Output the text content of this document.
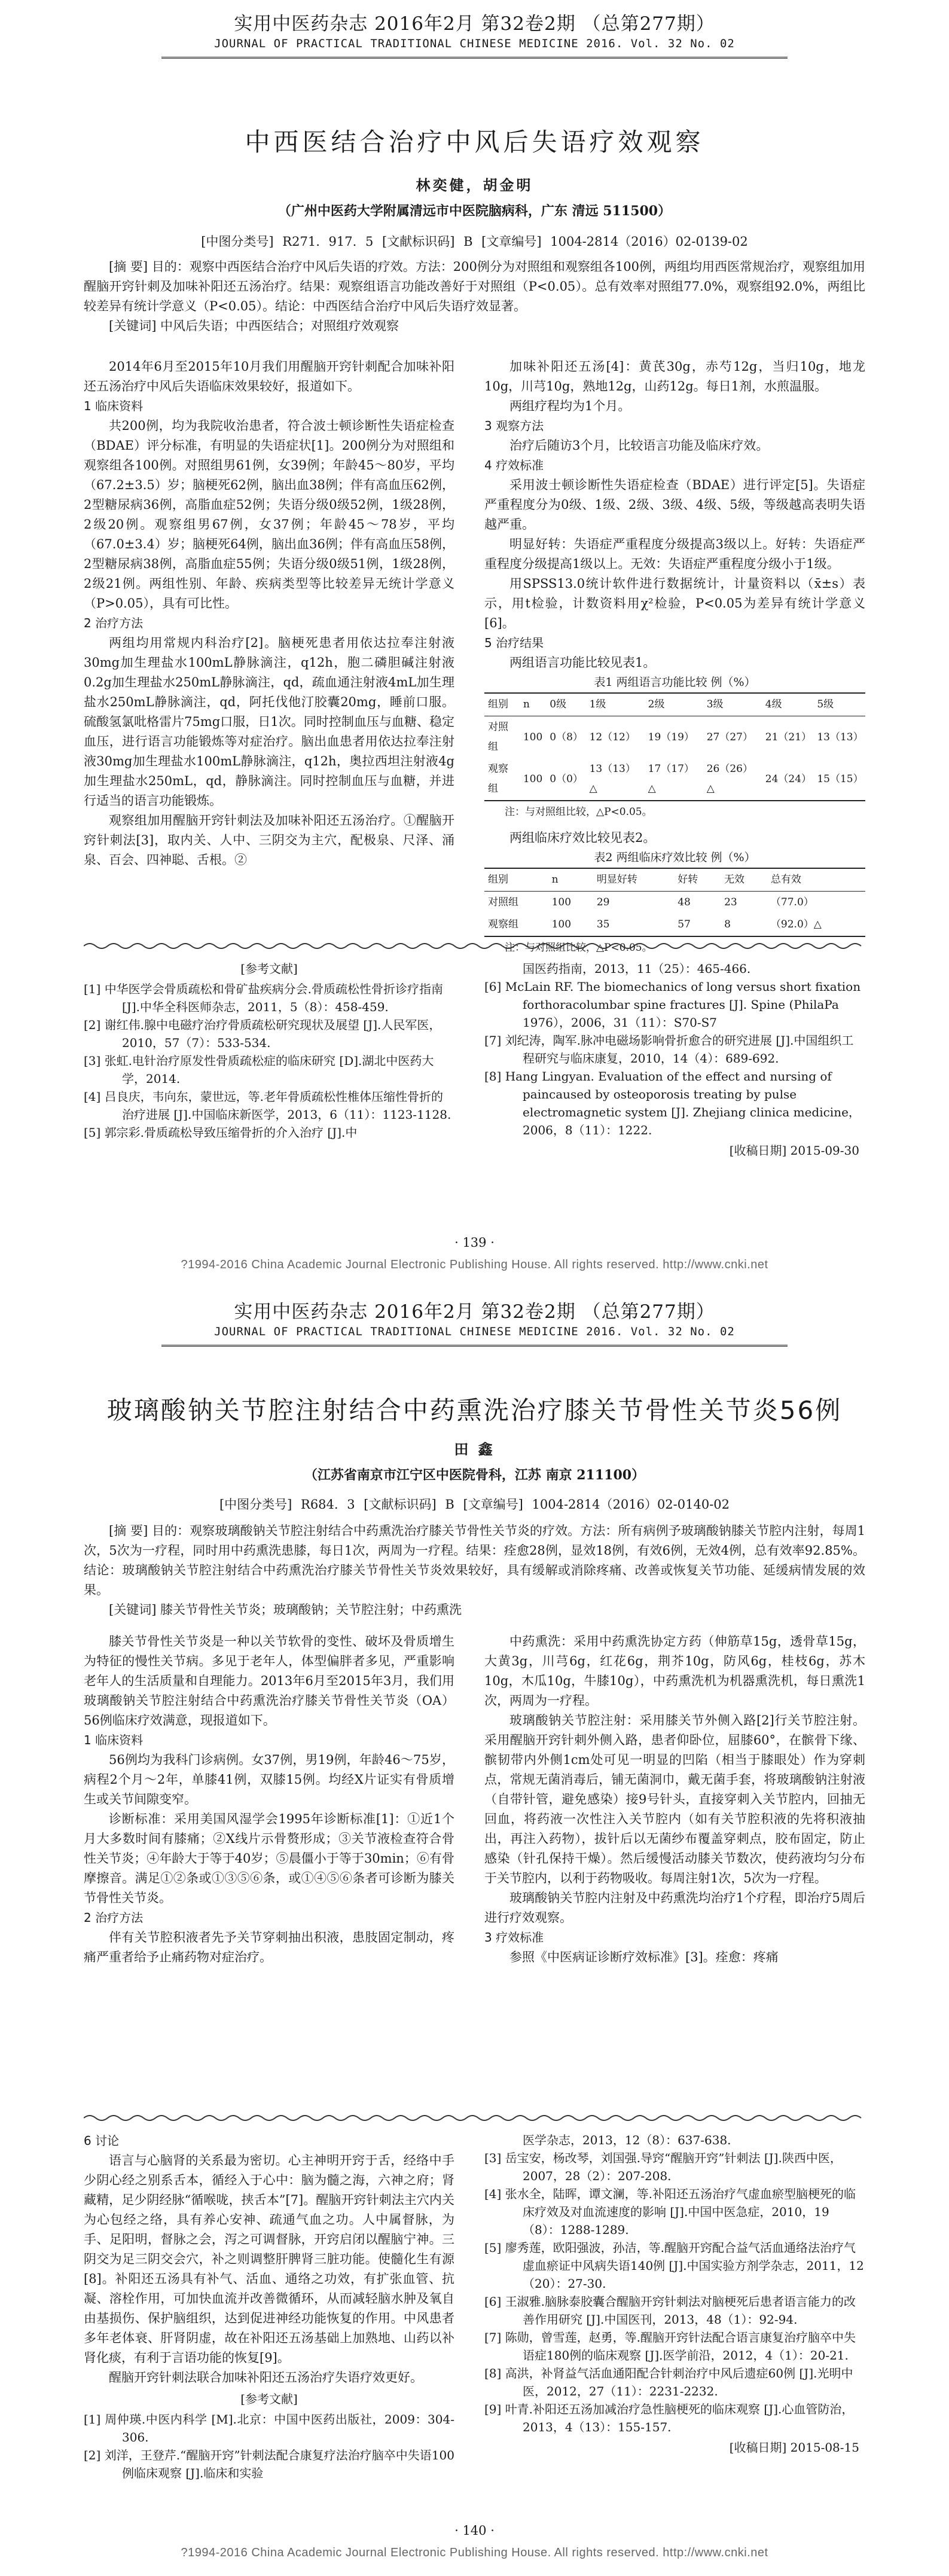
实用中医药杂志 2016年2月 第32卷2期 （总第277期）
JOURNAL OF PRACTICAL TRADITIONAL CHINESE MEDICINE 2016. Vol. 32 No. 02
中西医结合治疗中风后失语疗效观察
林奕健，胡金明
（广州中医药大学附属清远市中医院脑病科，广东 清远 511500）
[中图分类号] R271. 917. 5 [文献标识码] B [文章编号] 1004-2814（2016）02-0139-02
[摘 要] 目的：观察中西医结合治疗中风后失语的疗效。方法：200例分为对照组和观察组各100例，两组均用西医常规治疗，观察组加用醒脑开窍针刺及加味补阳还五汤治疗。结果：观察组语言功能改善好于对照组（P<0.05）。总有效率对照组77.0%，观察组92.0%，两组比较差异有统计学意义（P<0.05）。结论：中西医结合治疗中风后失语疗效显著。
[关键词] 中风后失语；中西医结合；对照组疗效观察

2014年6月至2015年10月我们用醒脑开窍针刺配合加味补阳还五汤治疗中风后失语临床效果较好，报道如下。

1 临床资料

共200例，均为我院收治患者，符合波士顿诊断性失语症检查（BDAE）评分标准，有明显的失语症状[1]。200例分为对照组和观察组各100例。对照组男61例，女39例；年龄45～80岁，平均（67.2±3.5）岁；脑梗死62例，脑出血38例；伴有高血压62例，2型糖尿病36例，高脂血症52例；失语分级0级52例，1级28例，2级20例。观察组男67例，女37例；年龄45～78岁，平均（67.0±3.4）岁；脑梗死64例，脑出血36例；伴有高血压58例，2型糖尿病38例，高脂血症55例；失语分级0级51例，1级28例，2级21例。两组性别、年龄、疾病类型等比较差异无统计学意义（P>0.05），具有可比性。

2 治疗方法

两组均用常规内科治疗[2]。脑梗死患者用依达拉奉注射液30mg加生理盐水100mL静脉滴注，q12h，胞二磷胆碱注射液0.2g加生理盐水250mL静脉滴注，qd，疏血通注射液4mL加生理盐水250mL静脉滴注，qd，阿托伐他汀胶囊20mg，睡前口服。硫酸氢氯吡格雷片75mg口服，日1次。同时控制血压与血糖、稳定血压，进行语言功能锻炼等对症治疗。脑出血患者用依达拉奉注射液30mg加生理盐水100mL静脉滴注，q12h，奥拉西坦注射液4g加生理盐水250mL，qd，静脉滴注。同时控制血压与血糖，并进行适当的语言功能锻炼。

观察组加用醒脑开窍针刺法及加味补阳还五汤治疗。①醒脑开窍针刺法[3]，取内关、人中、三阴交为主穴，配极泉、尺泽、涌泉、百会、四神聪、舌根。②

加味补阳还五汤[4]：黄芪30g，赤芍12g，当归10g，地龙10g，川芎10g，熟地12g，山药12g。每日1剂，水煎温服。

两组疗程均为1个月。

3 观察方法

治疗后随访3个月，比较语言功能及临床疗效。

4 疗效标准

采用波士顿诊断性失语症检查（BDAE）进行评定[5]。失语症严重程度分为0级、1级、2级、3级、4级、5级，等级越高表明失语越严重。

明显好转：失语症严重程度分级提高3级以上。好转：失语症严重程度分级提高1级以上。无效：失语症严重程度分级小于1级。

用SPSS13.0统计软件进行数据统计，计量资料以（x̄±s）表示，用t检验，计数资料用χ²检验，P<0.05为差异有统计学意义[6]。

5 治疗结果

两组语言功能比较见表1。

表1 两组语言功能比较 例（%）
组别	n	0级	1级	2级	3级	4级	5级
对照组	100	0（8）	12（12）	19（19）	27（27）	21（21）	13（13）
观察组	100	0（0）	13（13）△	17（17）△	26（26）△	24（24）	15（15）
注：与对照组比较，△P<0.05。

两组临床疗效比较见表2。

表2 两组临床疗效比较 例（%）
组别	n	明显好转	好转	无效	总有效
对照组	100	29	48	23	（77.0）
观察组	100	35	57	8	（92.0）△
注：与对照组比较，△P<0.05。
[参考文献]

[1] 中华医学会骨质疏松和骨矿盐疾病分会.骨质疏松性骨折诊疗指南 [J].中华全科医师杂志，2011，5（8）：458-459.

[2] 谢红伟.腺中电磁疗治疗骨质疏松研究现状及展望 [J].人民军医，2010，57（7）：533-534.

[3] 张虹.电针治疗原发性骨质疏松症的临床研究 [D].湖北中医药大学，2014.

[4] 吕良庆，韦向东，蒙世远，等.老年骨质疏松性椎体压缩性骨折的治疗进展 [J].中国临床新医学，2013，6（11）：1123-1128.

[5] 郭宗彩.骨质疏松导致压缩骨折的介入治疗 [J].中

国医药指南，2013，11（25）：465-466.

[6] McLain RF. The biomechanics of long versus short fixation forthoracolumbar spine fractures [J]. Spine (PhilaPa 1976），2006，31（11）：S70-S7

[7] 刘纪涛，陶军.脉冲电磁场影响骨折愈合的研究进展 [J].中国组织工程研究与临床康复，2010，14（4）：689-692.

[8] Hang Lingyan. Evaluation of the effect and nursing of paincaused by osteoporosis treating by pulse electromagnetic system [J]. Zhejiang clinica medicine，2006，8（11）：1222.

[收稿日期] 2015-09-30
· 139 ·
?1994-2016 China Academic Journal Electronic Publishing House. All rights reserved. http://www.cnki.net
实用中医药杂志 2016年2月 第32卷2期 （总第277期）
JOURNAL OF PRACTICAL TRADITIONAL CHINESE MEDICINE 2016. Vol. 32 No. 02
玻璃酸钠关节腔注射结合中药熏洗治疗膝关节骨性关节炎56例
田 鑫
（江苏省南京市江宁区中医院骨科，江苏 南京 211100）
[中图分类号] R684. 3 [文献标识码] B [文章编号] 1004-2814（2016）02-0140-02
[摘 要] 目的：观察玻璃酸钠关节腔注射结合中药熏洗治疗膝关节骨性关节炎的疗效。方法：所有病例予玻璃酸钠膝关节腔内注射，每周1次，5次为一疗程，同时用中药熏洗患膝，每日1次，两周为一疗程。结果：痊愈28例，显效18例，有效6例，无效4例，总有效率92.85%。结论：玻璃酸钠关节腔注射结合中药熏洗治疗膝关节骨性关节炎效果较好，具有缓解或消除疼痛、改善或恢复关节功能、延缓病情发展的效果。
[关键词] 膝关节骨性关节炎；玻璃酸钠；关节腔注射；中药熏洗

膝关节骨性关节炎是一种以关节软骨的变性、破坏及骨质增生为特征的慢性关节病。多见于老年人，体型偏胖者多见，严重影响老年人的生活质量和自理能力。2013年6月至2015年3月，我们用玻璃酸钠关节腔注射结合中药熏洗治疗膝关节骨性关节炎（OA）56例临床疗效满意，现报道如下。

1 临床资料

56例均为我科门诊病例。女37例，男19例，年龄46～75岁，病程2个月～2年，单膝41例，双膝15例。均经X片证实有骨质增生或关节间隙变窄。

诊断标准：采用美国风湿学会1995年诊断标准[1]：①近1个月大多数时间有膝痛；②X线片示骨赘形成；③关节液检查符合骨性关节炎；④年龄大于等于40岁；⑤晨僵小于等于30min；⑥有骨摩擦音。满足①②条或①③⑤⑥条，或①④⑤⑥条者可诊断为膝关节骨性关节炎。

2 治疗方法

伴有关节腔积液者先予关节穿刺抽出积液，患肢固定制动，疼痛严重者给予止痛药物对症治疗。

中药熏洗：采用中药熏洗协定方药（伸筋草15g，透骨草15g，大黄3g，川芎6g，红花6g，荆芥10g，防风6g，桂枝6g，苏木10g，木瓜10g，牛膝10g），中药熏洗机为机器熏洗机，每日熏洗1次，两周为一疗程。

玻璃酸钠关节腔注射：采用膝关节外侧入路[2]行关节腔注射。采用醒脑开窍针刺外侧入路，患者仰卧位，屈膝60°，在髌骨下缘、髌韧带内外侧1cm处可见一明显的凹陷（相当于膝眼处）作为穿刺点，常规无菌消毒后，铺无菌洞巾，戴无菌手套，将玻璃酸钠注射液（自带针管，避免感染）接9号针头，直接穿刺入关节腔内，回抽无回血，将药液一次性注入关节腔内（如有关节腔积液的先将积液抽出，再注入药物），拔针后以无菌纱布覆盖穿刺点，胶布固定，防止感染（针孔保持干燥）。然后缓慢活动膝关节数次，使药液均匀分布于关节腔内，以利于药物吸收。每周注射1次，5次为一疗程。

玻璃酸钠关节腔内注射及中药熏洗均治疗1个疗程，即治疗5周后进行疗效观察。

3 疗效标准

参照《中医病证诊断疗效标准》[3]。痊愈：疼痛

6 讨论

语言与心脑肾的关系最为密切。心主神明开窍于舌，经络中手少阴心经之别系舌本，循经入于心中：脑为髓之海，六神之府；肾藏精，足少阴经脉“循喉咙，挟舌本”[7]。醒脑开窍针刺法主穴内关为心包经之络，具有养心安神、疏通气血之功。人中属督脉，为手、足阳明，督脉之会，泻之可调督脉，开窍启闭以醒脑宁神。三阴交为足三阴交会穴，补之则调整肝脾肾三脏功能。使髓化生有源[8]。补阳还五汤具有补气、活血、通络之功效，有扩张血管、抗凝、溶栓作用，可加快血流并改善微循环，从而减轻脑水肿及氧自由基损伤、保护脑组织，达到促进神经功能恢复的作用。中风患者多年老体衰、肝肾阴虚，故在补阳还五汤基础上加熟地、山药以补肾化痰，有利于言语功能的恢复[9]。

醒脑开窍针刺法联合加味补阳还五汤治疗失语疗效更好。

[参考文献]

[1] 周仲瑛.中医内科学 [M].北京：中国中医药出版社，2009：304-306.

[2] 刘洋，王登芹.“醒脑开窍”针刺法配合康复疗法治疗脑卒中失语100例临床观察 [J].临床和实验

医学杂志，2013，12（8）：637-638.

[3] 岳宝安，杨改琴，刘国强.导窍“醒脑开窍”针刺法 [J].陕西中医，2007，28（2）：207-208.

[4] 张水全，陆晖，谭文澜，等.补阳还五汤治疗气虚血瘀型脑梗死的临床疗效及对血流速度的影响 [J].中国中医急症，2010，19（8）：1288-1289.

[5] 廖秀莲，欧阳强波，孙洁，等.醒脑开窍配合益气活血通络法治疗气虚血瘀证中风病失语140例 [J].中国实验方剂学杂志，2011，12（20）：27-30.

[6] 王淑雅.脑脉泰胶囊合醒脑开窍针刺法对脑梗死后患者语言能力的改善作用研究 [J].中国医刊，2013，48（1）：92-94.

[7] 陈勋，曾雪莲，赵勇，等.醒脑开窍针法配合语言康复治疗脑卒中失语症180例的临床观察 [J].医学前沿，2012，4（1）：20-21.

[8] 高洪，补肾益气活血通阳配合针刺治疗中风后遗症60例 [J].光明中医，2012，27（11）：2231-2232.

[9] 叶青.补阳还五汤加减治疗急性脑梗死的临床观察 [J].心血管防治，2013，4（13）：155-157.

[收稿日期] 2015-08-15
· 140 ·
?1994-2016 China Academic Journal Electronic Publishing House. All rights reserved. http://www.cnki.net
